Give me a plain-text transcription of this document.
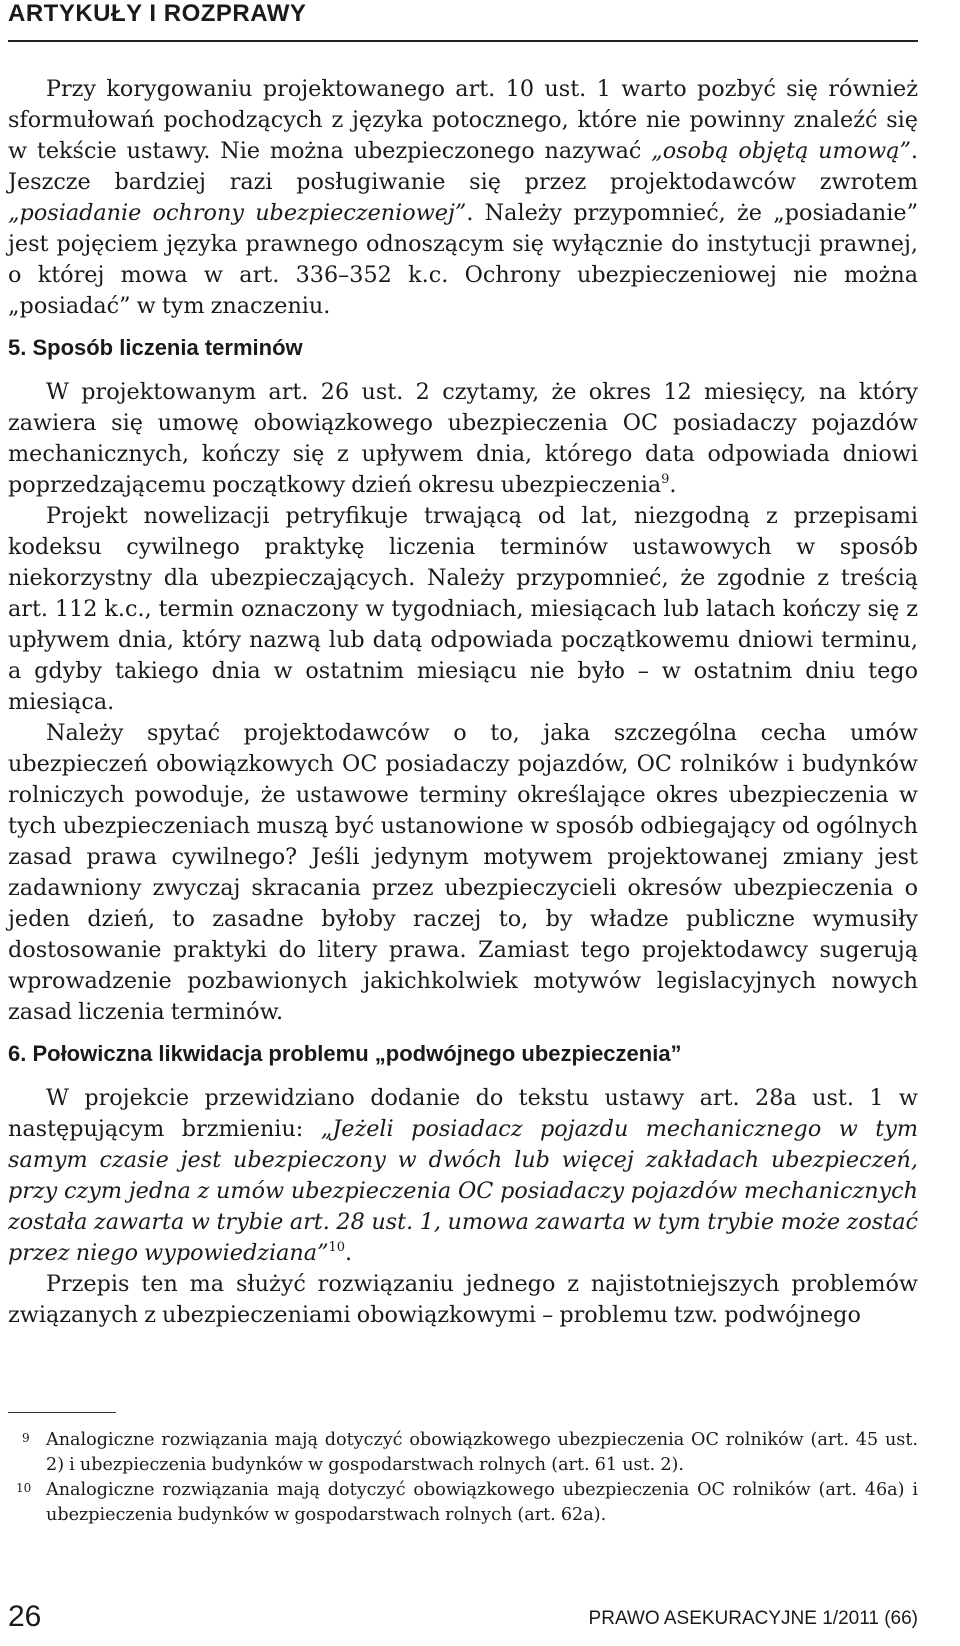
ARTYKUŁY I ROZPRAWY

Przy korygowaniu projektowanego art. 10 ust. 1 warto pozbyć się również sformułowań pochodzących z języka potocznego, które nie powinny znaleźć się w tekście ustawy. Nie można ubezpieczonego nazywać „osobą objętą umową”. Jeszcze bardziej razi posługiwanie się przez projektodawców zwrotem „posiadanie ochrony ubezpieczeniowej”. Należy przypomnieć, że „posiadanie” jest pojęciem języka prawnego odnoszącym się wyłącznie do instytucji prawnej, o której mowa w art. 336–352 k.c. Ochrony ubezpieczeniowej nie można „posiadać” w tym znaczeniu.

5. Sposób liczenia terminów

W projektowanym art. 26 ust. 2 czytamy, że okres 12 miesięcy, na który zawiera się umowę obowiązkowego ubezpieczenia OC posiadaczy pojazdów mechanicznych, kończy się z upływem dnia, którego data odpowiada dniowi poprzedzającemu początkowy dzień okresu ubezpieczenia$^9$.

Projekt nowelizacji petryfikuje trwającą od lat, niezgodną z przepisami kodeksu cywilnego praktykę liczenia terminów ustawowych w sposób niekorzystny dla ubezpieczających. Należy przypomnieć, że zgodnie z treścią art. 112 k.c., termin oznaczony w tygodniach, miesiącach lub latach kończy się z upływem dnia, który nazwą lub datą odpowiada początkowemu dniowi terminu, a gdyby takiego dnia w ostatnim miesiącu nie było – w ostatnim dniu tego miesiąca.

Należy spytać projektodawców o to, jaka szczególna cecha umów ubezpieczeń obowiązkowych OC posiadaczy pojazdów, OC rolników i budynków rolniczych powoduje, że ustawowe terminy określające okres ubezpieczenia w tych ubezpieczeniach muszą być ustanowione w sposób odbiegający od ogólnych zasad prawa cywilnego? Jeśli jedynym motywem projektowanej zmiany jest zadawniony zwyczaj skracania przez ubezpieczycieli okresów ubezpieczenia o jeden dzień, to zasadne byłoby raczej to, by władze publiczne wymusiły dostosowanie praktyki do litery prawa. Zamiast tego projektodawcy sugerują wprowadzenie pozbawionych jakichkolwiek motywów legislacyjnych nowych zasad liczenia terminów.

6. Połowiczna likwidacja problemu „podwójnego ubezpieczenia”

W projekcie przewidziano dodanie do tekstu ustawy art. 28a ust. 1 w następującym brzmieniu: „Jeżeli posiadacz pojazdu mechanicznego w tym samym czasie jest ubezpieczony w dwóch lub więcej zakładach ubezpieczeń, przy czym jedna z umów ubezpieczenia OC posiadaczy pojazdów mechanicznych została zawarta w trybie art. 28 ust. 1, umowa zawarta w tym trybie może zostać przez niego wypowiedziana”$^{10}$.

Przepis ten ma służyć rozwiązaniu jednego z najistotniejszych problemów związanych z ubezpieczeniami obowiązkowymi – problemu tzw. podwójnego

9 Analogiczne rozwiązania mają dotyczyć obowiązkowego ubezpieczenia OC rolników (art. 45 ust. 2) i ubezpieczenia budynków w gospodarstwach rolnych (art. 61 ust. 2).
10 Analogiczne rozwiązania mają dotyczyć obowiązkowego ubezpieczenia OC rolników (art. 46a) i ubezpieczenia budynków w gospodarstwach rolnych (art. 62a).
26	PRAWO ASEKURACYJNE 1/2011 (66)
